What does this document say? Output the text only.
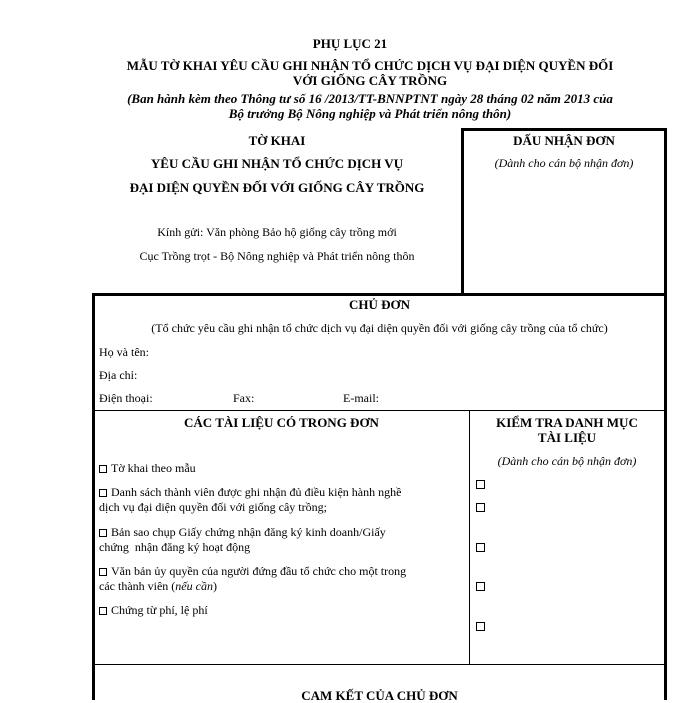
PHỤ LỤC 21
MẪU TỜ KHAI YÊU CẦU GHI NHẬN TỔ CHỨC DỊCH VỤ ĐẠI DIỆN QUYỀN ĐỐI
VỚI GIỐNG CÂY TRỒNG
(Ban hành kèm theo Thông tư số 16 /2013/TT-BNNPTNT ngày 28 tháng 02 năm 2013 của
Bộ trưởng Bộ Nông nghiệp và Phát triển nông thôn)
TỜ KHAI
YÊU CẦU GHI NHẬN TỔ CHỨC DỊCH VỤ
ĐẠI DIỆN QUYỀN ĐỐI VỚI GIỐNG CÂY TRỒNG
Kính gửi: Văn phòng Bảo hộ giống cây trồng mới
Cục Trồng trọt - Bộ Nông nghiệp và Phát triển nông thôn
DẤU NHẬN ĐƠN
(Dành cho cán bộ nhận đơn)
CHỦ ĐƠN
(Tổ chức yêu cầu ghi nhận tổ chức dịch vụ đại diện quyền đối với giống cây trồng của tổ chức)
Họ và tên:
Địa chỉ:
Điện thoại:	Fax:	E-mail:
CÁC TÀI LIỆU CÓ TRONG ĐƠN
Tờ khai theo mẫu
Danh sách thành viên được ghi nhận đủ điều kiện hành nghề
dịch vụ đại diện quyền đối với giống cây trồng;
Bản sao chụp Giấy chứng nhận đăng ký kinh doanh/Giấy
chứng  nhận đăng ký hoạt động
Văn bản ủy quyền của người đứng đầu tổ chức cho một trong
các thành viên (nếu cần)
Chứng từ phí, lệ phí
KIỂM TRA DANH MỤC
TÀI LIỆU
(Dành cho cán bộ nhận đơn)
CAM KẾT CỦA CHỦ ĐƠN
